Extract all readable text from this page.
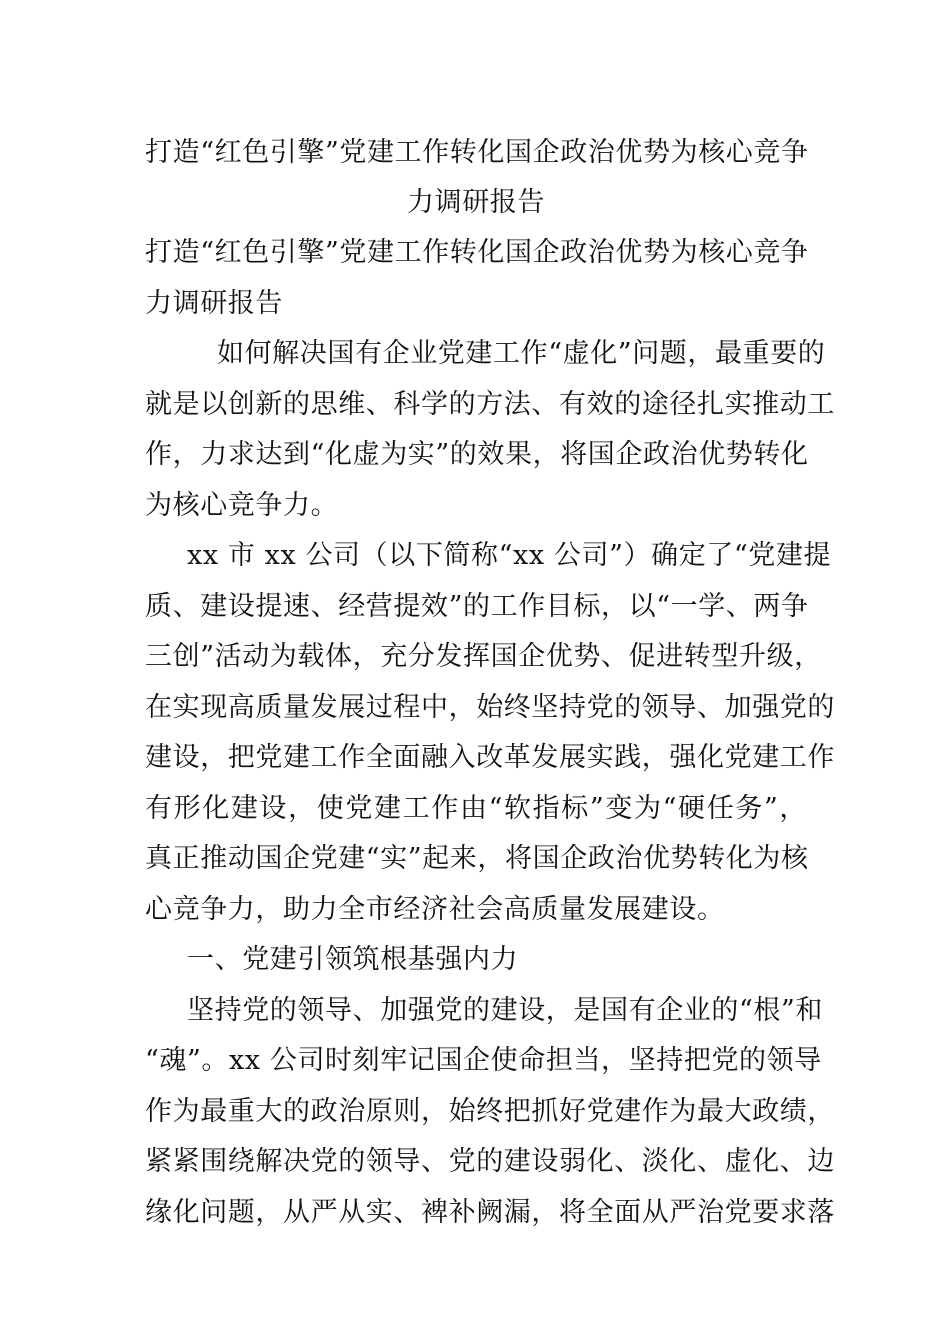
打造“红色引擎”党建工作转化国企政治优势为核心竞争
力调研报告
打造“红色引擎”党建工作转化国企政治优势为核心竞争
力调研报告
如何解决国有企业党建工作“虚化”问题，最重要的
就是以创新的思维、科学的方法、有效的途径扎实推动工
作，力求达到“化虚为实”的效果，将国企政治优势转化
为核心竞争力。
xx 市 xx 公司（以下简称“xx 公司”）确定了“党建提
质、建设提速、经营提效”的工作目标，以“一学、两争
三创”活动为载体，充分发挥国企优势、促进转型升级，
在实现高质量发展过程中，始终坚持党的领导、加强党的
建设，把党建工作全面融入改革发展实践，强化党建工作
有形化建设，使党建工作由“软指标”变为“硬任务”，
真正推动国企党建“实”起来，将国企政治优势转化为核
心竞争力，助力全市经济社会高质量发展建设。
一、党建引领筑根基强内力
坚持党的领导、加强党的建设，是国有企业的“根”和
“魂”。xx 公司时刻牢记国企使命担当，坚持把党的领导
作为最重大的政治原则，始终把抓好党建作为最大政绩，
紧紧围绕解决党的领导、党的建设弱化、淡化、虚化、边
缘化问题，从严从实、裨补阙漏，将全面从严治党要求落
